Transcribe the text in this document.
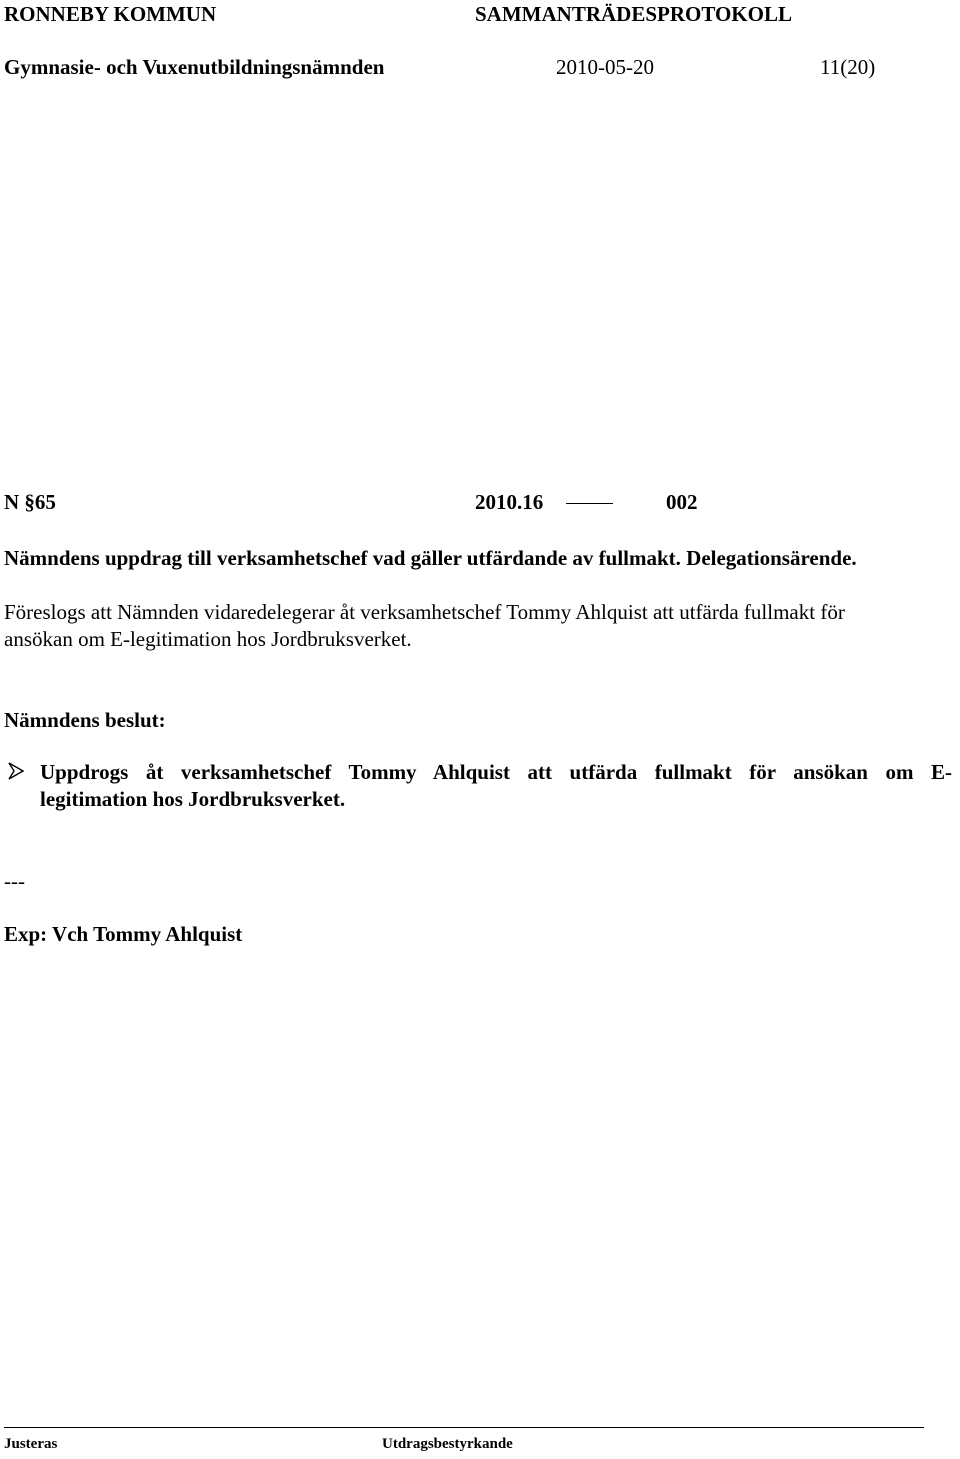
RONNEBY KOMMUN	SAMMANTRÄDESPROTOKOLL
Gymnasie- och Vuxenutbildningsnämnden	2010-05-20	11(20)
N §65	2010.16	002
Nämndens uppdrag till verksamhetschef vad gäller utfärdande av fullmakt. Delegationsärende.
Föreslogs att Nämnden vidaredelegerar åt verksamhetschef Tommy Ahlquist att utfärda fullmakt för
ansökan om E-legitimation hos Jordbruksverket.
Nämndens beslut:
Uppdrogs åt verksamhetschef Tommy Ahlquist att utfärda fullmakt för ansökan om E-
legitimation hos Jordbruksverket.
---
Exp: Vch Tommy Ahlquist
Justeras	Utdragsbestyrkande
